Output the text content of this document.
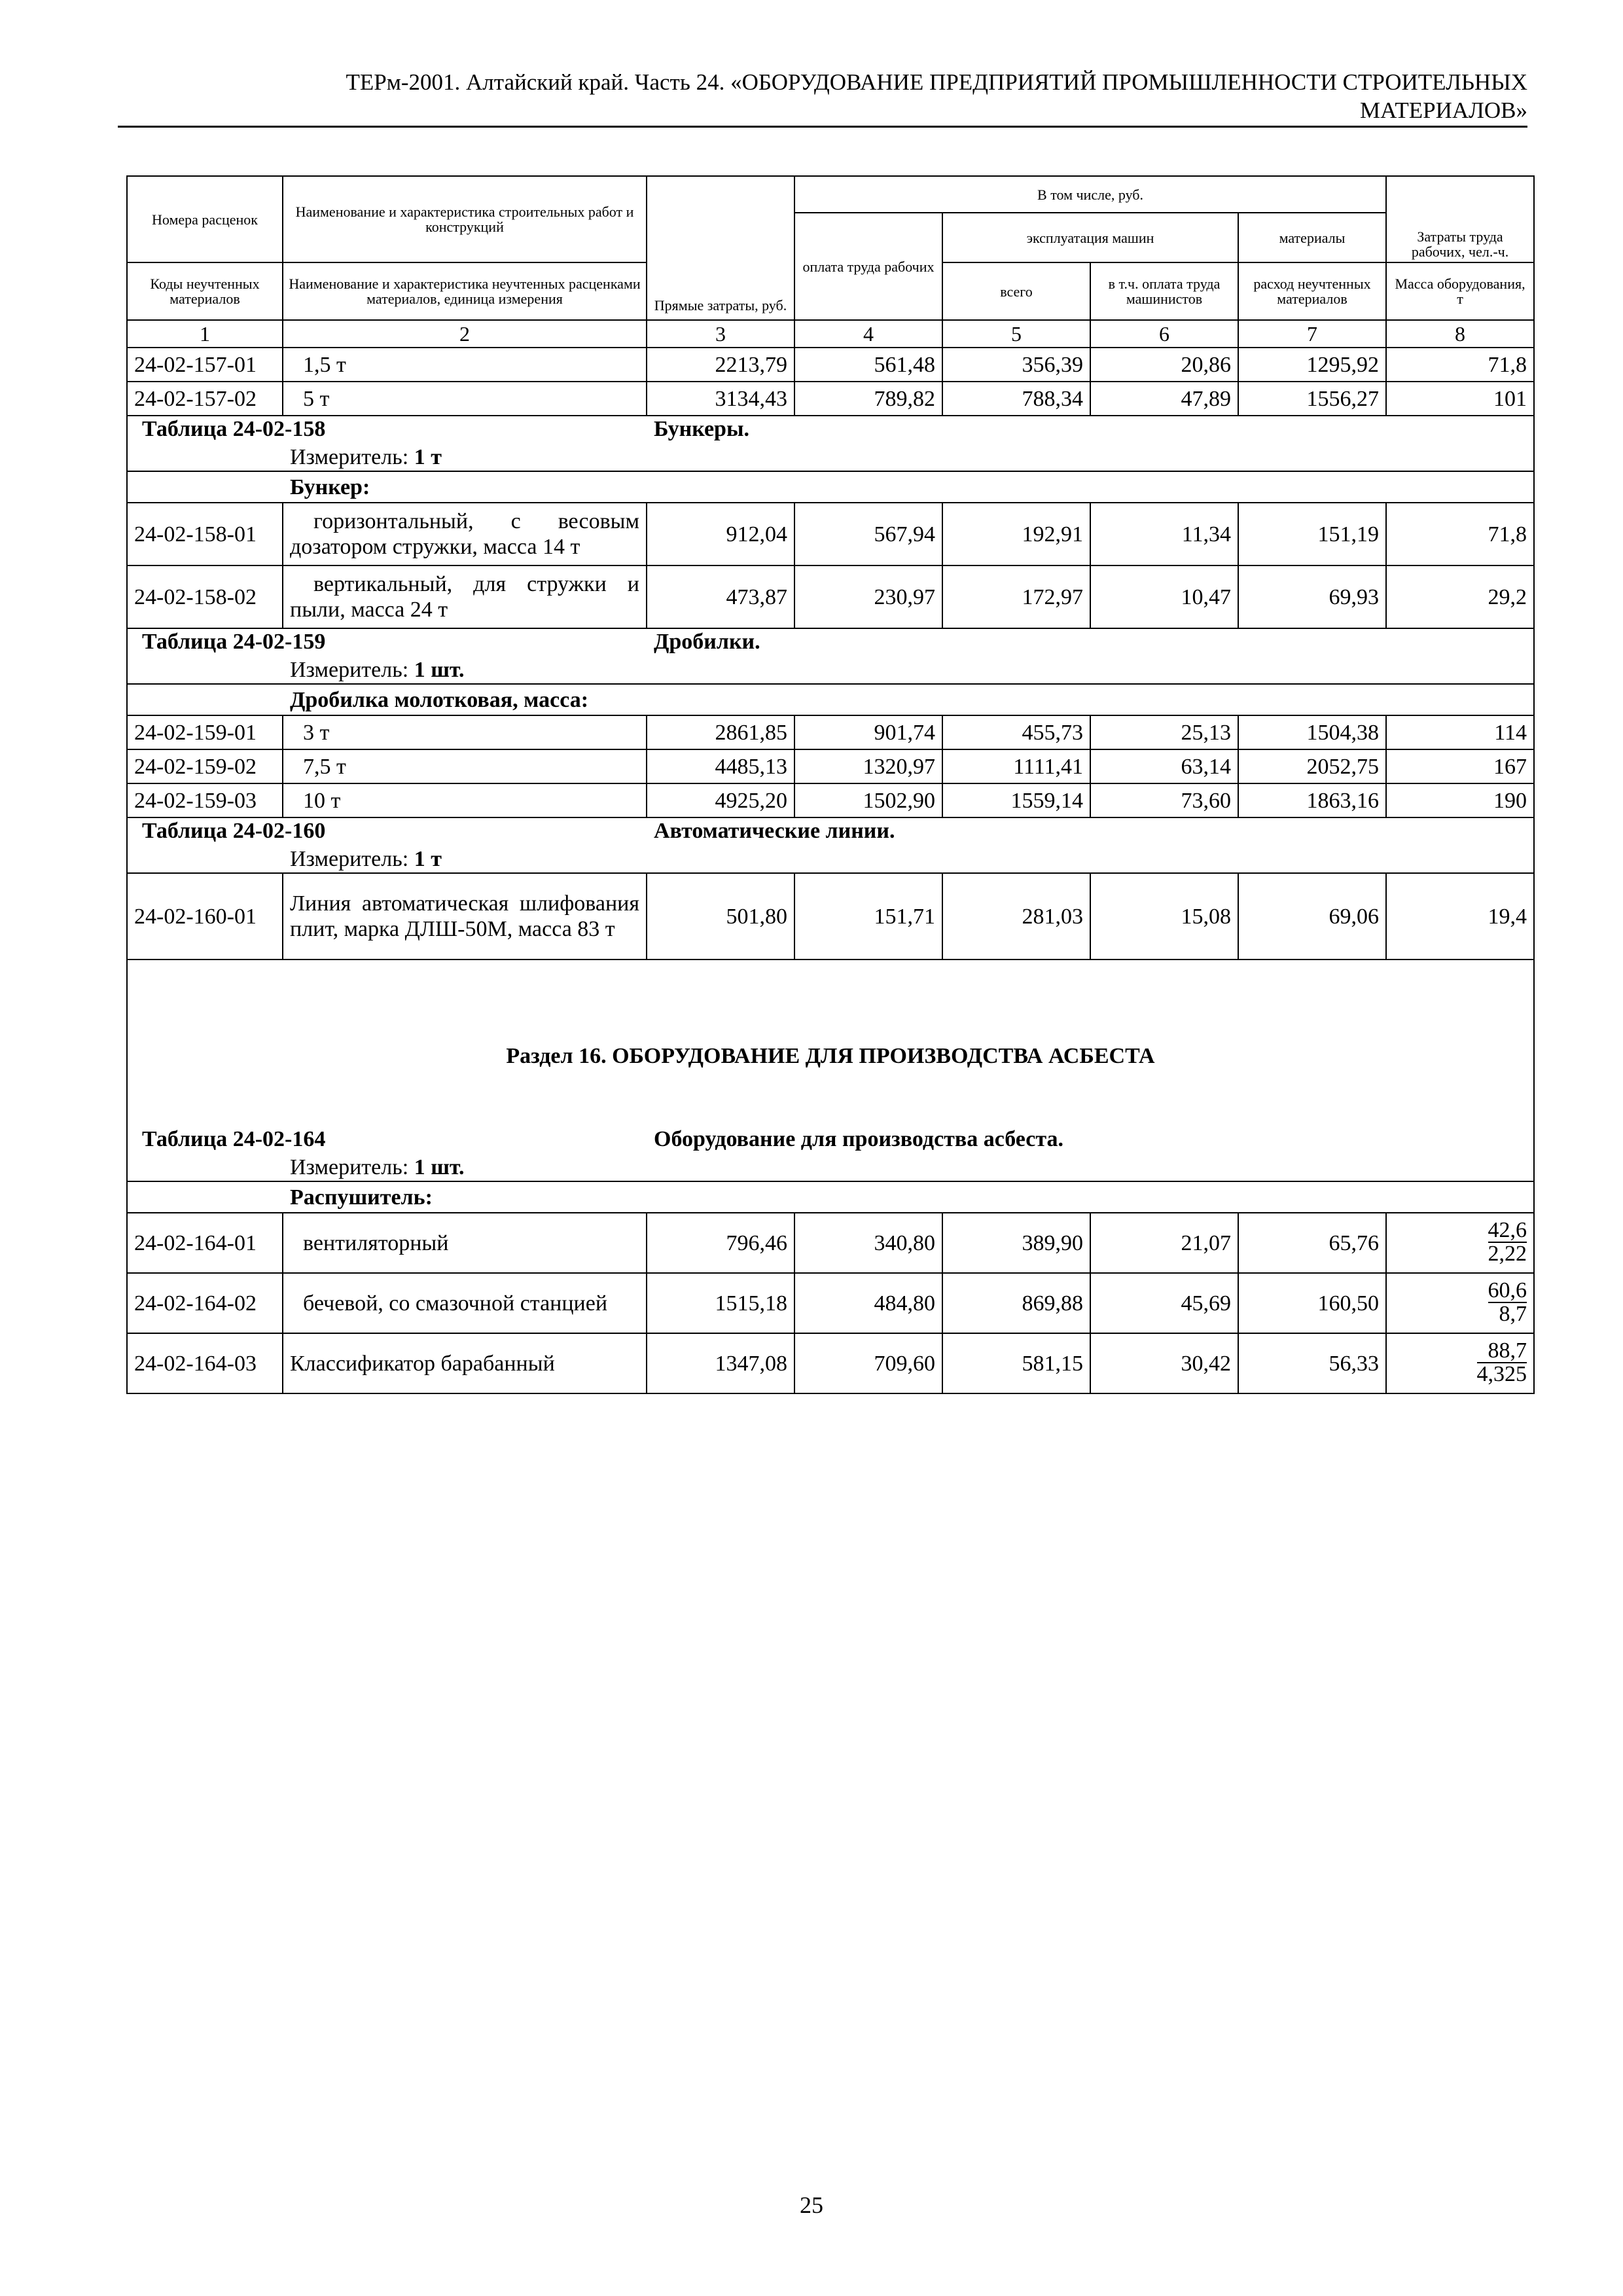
ТЕРм-2001. Алтайский край. Часть 24. «ОБОРУДОВАНИЕ ПРЕДПРИЯТИЙ ПРОМЫШЛЕННОСТИ СТРОИТЕЛЬНЫХ
МАТЕРИАЛОВ»
Номера расценок	Наименование и характеристика строительных работ и конструкций	Прямые затраты, руб.	В том числе, руб.				Затраты труда рабочих, чел.-ч.
			оплата труда рабочих	эксплуатация машин		материалы	
Коды неучтенных материалов	Наименование и характеристика неучтенных расценками материалов, единица измерения			всего	в т.ч. оплата труда машинистов	расход неучтенных материалов	Масса оборудования, т
1	2	3	4	5	6	7	8
24-02-157-01	1,5 т	2213,79	561,48	356,39	20,86	1295,92	71,8
24-02-157-02	5 т	3134,43	789,82	788,34	47,89	1556,27	101
Таблица 24-02-158		Бункеры.					
	Измеритель: 1 т						
	Бункер:						
24-02-158-01	горизонтальный, с весовым дозатором стружки, масса 14 т	912,04	567,94	192,91	11,34	151,19	71,8
24-02-158-02	вертикальный, для стружки и пыли, масса 24 т	473,87	230,97	172,97	10,47	69,93	29,2
Таблица 24-02-159		Дробилки.					
	Измеритель: 1 шт.						
	Дробилка молотковая, масса:						
24-02-159-01	3 т	2861,85	901,74	455,73	25,13	1504,38	114
24-02-159-02	7,5 т	4485,13	1320,97	1111,41	63,14	2052,75	167
24-02-159-03	10 т	4925,20	1502,90	1559,14	73,60	1863,16	190
Таблица 24-02-160		Автоматические линии.					
	Измеритель: 1 т						
24-02-160-01	Линия автоматическая шлифования плит, марка ДЛШ-50М, масса 83 т	501,80	151,71	281,03	15,08	69,06	19,4
Раздел 16. ОБОРУДОВАНИЕ ДЛЯ ПРОИЗВОДСТВА АСБЕСТА							
Таблица 24-02-164		Оборудование для производства асбеста.					
	Измеритель: 1 шт.						
	Распушитель:						
24-02-164-01	вентиляторный	796,46	340,80	389,90	21,07	65,76	$\frac{42,6}{2,22}$

24-02-164-02	бечевой, со смазочной станцией	1515,18	484,80	869,88	45,69	160,50	$\frac{60,6}{8,7}$

24-02-164-03	Классификатор барабанный	1347,08	709,60	581,15	30,42	56,33	$\frac{88,7}{4,325}$
25
